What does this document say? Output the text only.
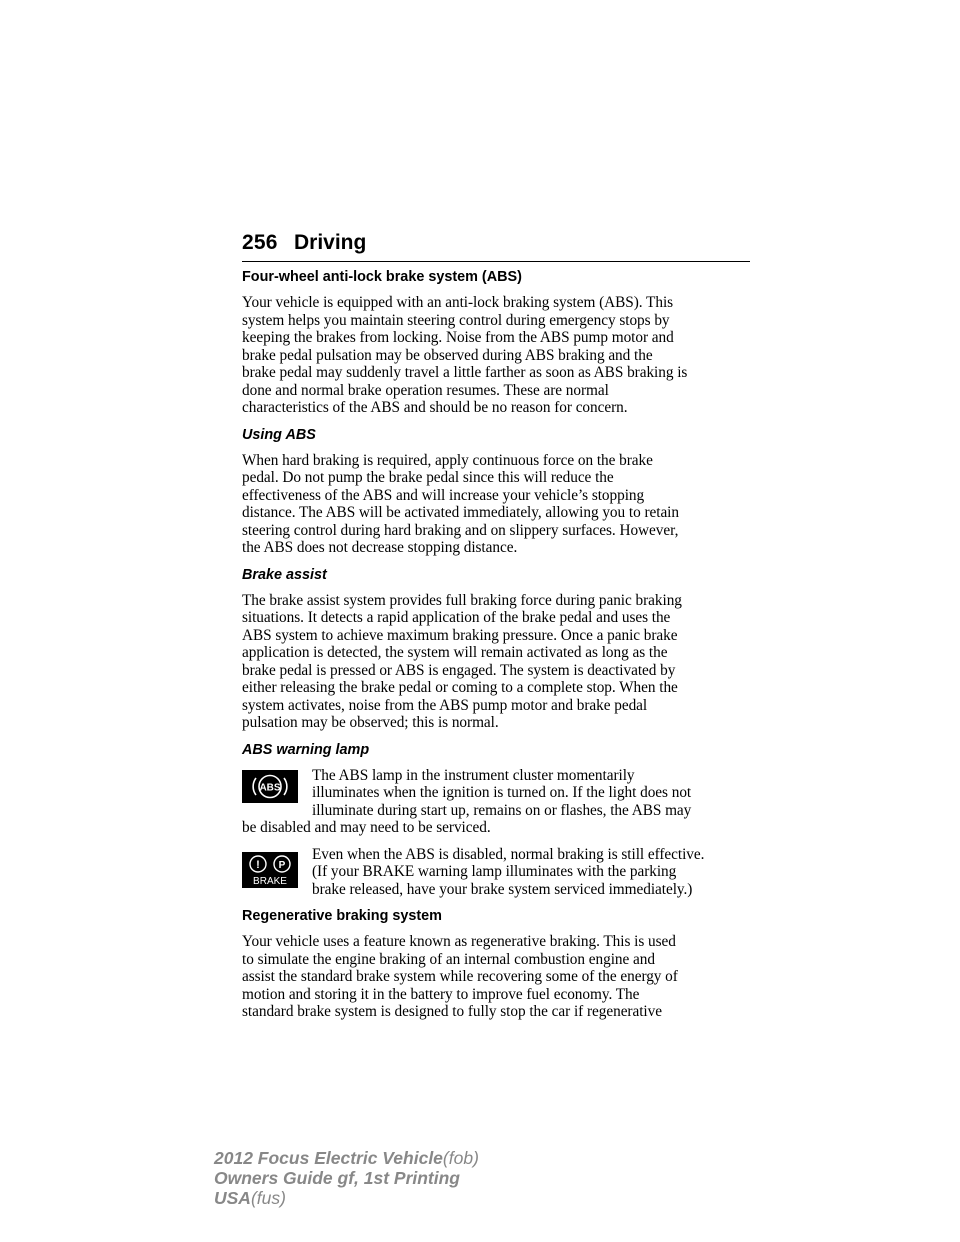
256 Driving
Four-wheel anti-lock brake system (ABS)

Your vehicle is equipped with an anti-lock braking system (ABS). This
system helps you maintain steering control during emergency stops by
keeping the brakes from locking. Noise from the ABS pump motor and
brake pedal pulsation may be observed during ABS braking and the
brake pedal may suddenly travel a little farther as soon as ABS braking is
done and normal brake operation resumes. These are normal
characteristics of the ABS and should be no reason for concern.

Using ABS

When hard braking is required, apply continuous force on the brake
pedal. Do not pump the brake pedal since this will reduce the
effectiveness of the ABS and will increase your vehicle’s stopping
distance. The ABS will be activated immediately, allowing you to retain
steering control during hard braking and on slippery surfaces. However,
the ABS does not decrease stopping distance.

Brake assist

The brake assist system provides full braking force during panic braking
situations. It detects a rapid application of the brake pedal and uses the
ABS system to achieve maximum braking pressure. Once a panic brake
application is detected, the system will remain activated as long as the
brake pedal is pressed or ABS is engaged. The system is deactivated by
either releasing the brake pedal or coming to a complete stop. When the
system activates, noise from the ABS pump motor and brake pedal
pulsation may be observed; this is normal.

ABS warning lamp
ABS

The ABS lamp in the instrument cluster momentarily
illuminates when the ignition is turned on. If the light does not
illuminate during start up, remains on or flashes, the ABS may

be disabled and may need to be serviced.

! P
BRAKE

Even when the ABS is disabled, normal braking is still effective.
(If your BRAKE warning lamp illuminates with the parking
brake released, have your brake system serviced immediately.)

Regenerative braking system

Your vehicle uses a feature known as regenerative braking. This is used
to simulate the engine braking of an internal combustion engine and
assist the standard brake system while recovering some of the energy of
motion and storing it in the battery to improve fuel economy. The
standard brake system is designed to fully stop the car if regenerative

2012 Focus Electric Vehicle(fob)
Owners Guide gf, 1st Printing
USA(fus)
